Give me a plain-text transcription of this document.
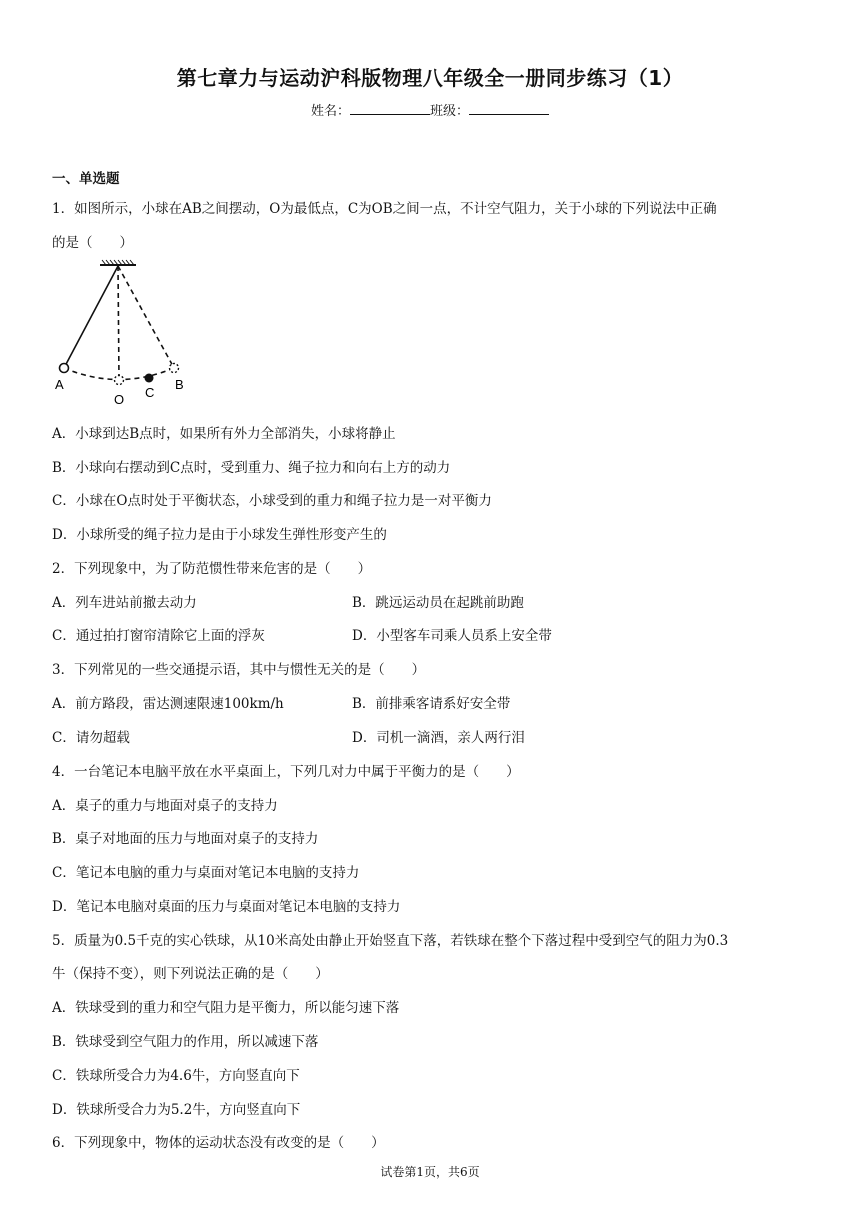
第七章力与运动沪科版物理八年级全一册同步练习（1）
姓名：	班级：
一、单选题
1．如图所示，小球在AB之间摆动，O为最低点，C为OB之间一点，不计空气阻力，关于小球的下列说法中正确
的是（　　）
A
O C
B
A．小球到达B点时，如果所有外力全部消失，小球将静止
B．小球向右摆动到C点时，受到重力、绳子拉力和向右上方的动力
C．小球在O点时处于平衡状态，小球受到的重力和绳子拉力是一对平衡力
D．小球所受的绳子拉力是由于小球发生弹性形变产生的
2．下列现象中，为了防范惯性带来危害的是（　　）
A．列车进站前撤去动力	B．跳远运动员在起跳前助跑
C．通过拍打窗帘清除它上面的浮灰	D．小型客车司乘人员系上安全带
3．下列常见的一些交通提示语，其中与惯性无关的是（　　）
A．前方路段，雷达测速限速100km/h	B．前排乘客请系好安全带
C．请勿超载	D．司机一滴酒，亲人两行泪
4．一台笔记本电脑平放在水平桌面上，下列几对力中属于平衡力的是（　　）
A．桌子的重力与地面对桌子的支持力
B．桌子对地面的压力与地面对桌子的支持力
C．笔记本电脑的重力与桌面对笔记本电脑的支持力
D．笔记本电脑对桌面的压力与桌面对笔记本电脑的支持力
5．质量为0.5千克的实心铁球，从10米高处由静止开始竖直下落，若铁球在整个下落过程中受到空气的阻力为0.3
牛（保持不变），则下列说法正确的是（　　）
A．铁球受到的重力和空气阻力是平衡力，所以能匀速下落
B．铁球受到空气阻力的作用，所以减速下落
C．铁球所受合力为4.6牛，方向竖直向下
D．铁球所受合力为5.2牛，方向竖直向下
6．下列现象中，物体的运动状态没有改变的是（　　）
试卷第1页，共6页
